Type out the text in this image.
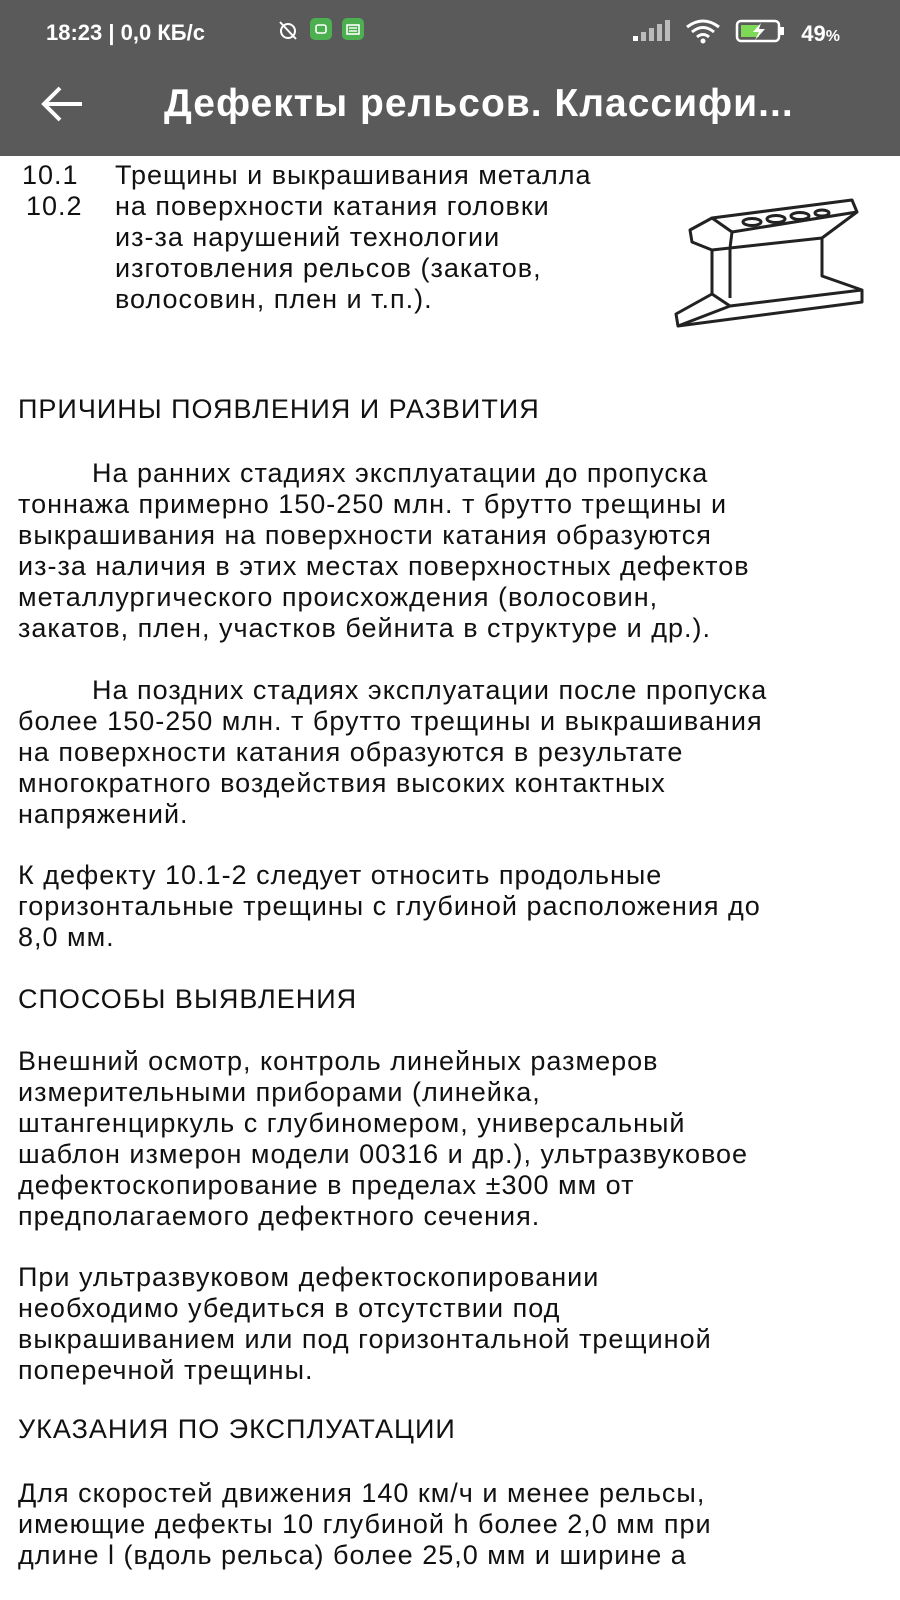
18:23 | 0,0 КБ/с	49%
Дефекты рельсов. Классифи...
10.1
10.2
Трещины и выкрашивания металла
на поверхности катания головки
из-за нарушений технологии
изготовления рельсов (закатов,
волосовин, плен и т.п.).
ПРИЧИНЫ ПОЯВЛЕНИЯ И РАЗВИТИЯ
На ранних стадиях эксплуатации до пропуска
тоннажа примерно 150-250 млн. т брутто трещины и
выкрашивания на поверхности катания образуются
из-за наличия в этих местах поверхностных дефектов
металлургического происхождения (волосовин,
закатов, плен, участков бейнита в структуре и др.).
На поздних стадиях эксплуатации после пропуска
более 150-250 млн. т брутто трещины и выкрашивания
на поверхности катания образуются в результате
многократного воздействия высоких контактных
напряжений.
К дефекту 10.1-2 следует относить продольные
горизонтальные трещины с глубиной расположения до
8,0 мм.
СПОСОБЫ ВЫЯВЛЕНИЯ
Внешний осмотр, контроль линейных размеров
измерительными приборами (линейка,
штангенциркуль с глубиномером, универсальный
шаблон измерон модели 00316 и др.), ультразвуковое
дефектоскопирование в пределах ±300 мм от
предполагаемого дефектного сечения.
При ультразвуковом дефектоскопировании
необходимо убедиться в отсутствии под
выкрашиванием или под горизонтальной трещиной
поперечной трещины.
УКАЗАНИЯ ПО ЭКСПЛУАТАЦИИ
Для скоростей движения 140 км/ч и менее рельсы,
имеющие дефекты 10 глубиной h более 2,0 мм при
длине l (вдоль рельса) более 25,0 мм и ширине а
